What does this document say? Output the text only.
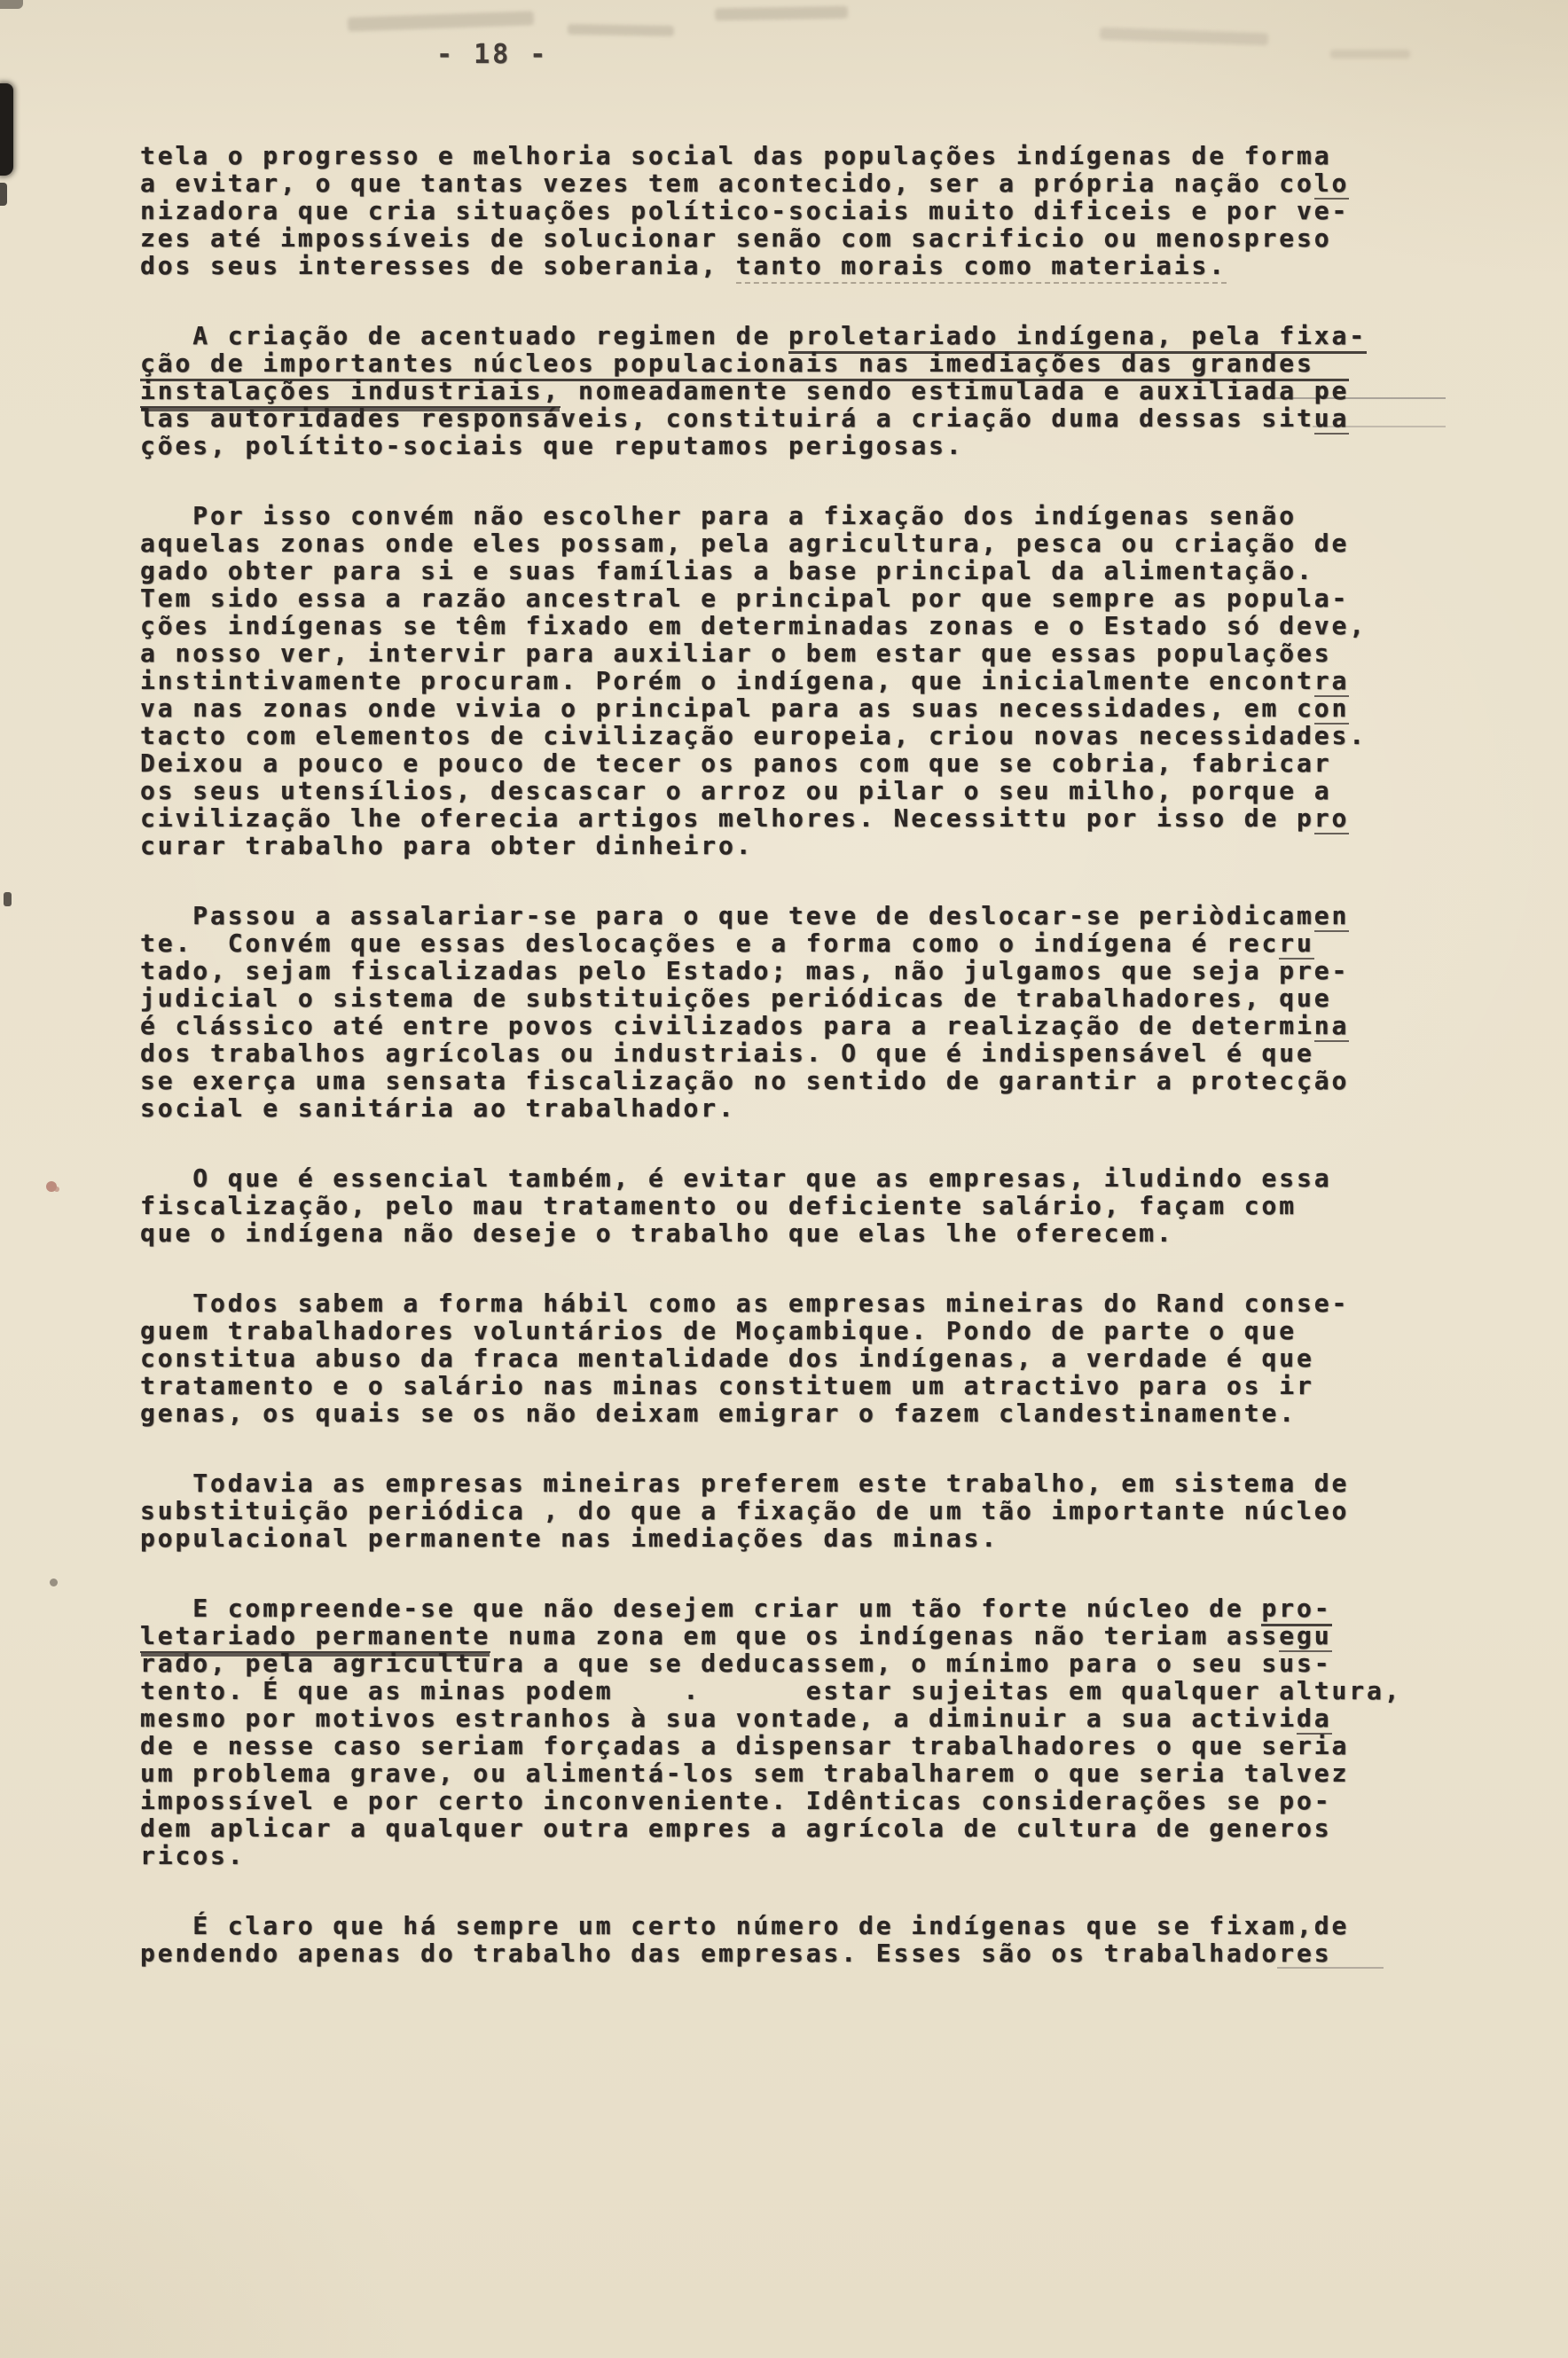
- 18 -
tela o progresso e melhoria social das populações indígenas de forma
a evitar, o que tantas vezes tem acontecido, ser a própria nação colo
nizadora que cria situações político-sociais muito dificeis e por ve-
zes até impossíveis de solucionar senão com sacrificio ou menospreso
dos seus interesses de soberania, tanto morais como materiais.
A criação de acentuado regimen de proletariado indígena, pela fixa-
ção de importantes núcleos populacionais nas imediações das grandes
instalações industriais, nomeadamente sendo estimulada e auxiliada pe
las autoridades responsáveis, constituirá a criação duma dessas situa
ções, polítito-sociais que reputamos perigosas.
Por isso convém não escolher para a fixação dos indígenas senão
aquelas zonas onde eles possam, pela agricultura, pesca ou criação de
gado obter para si e suas famílias a base principal da alimentação.
Tem sido essa a razão ancestral e principal por que sempre as popula-
ções indígenas se têm fixado em determinadas zonas e o Estado só deve,
a nosso ver, intervir para auxiliar o bem estar que essas populações
instintivamente procuram. Porém o indígena, que inicialmente encontra
va nas zonas onde vivia o principal para as suas necessidades, em con
tacto com elementos de civilização europeia, criou novas necessidades.
Deixou a pouco e pouco de tecer os panos com que se cobria, fabricar
os seus utensílios, descascar o arroz ou pilar o seu milho, porque a
civilização lhe oferecia artigos melhores. Necessittu por isso de pro
curar trabalho para obter dinheiro.
Passou a assalariar-se para o que teve de deslocar-se periòdicamen
te.  Convém que essas deslocações e a forma como o indígena é recru
tado, sejam fiscalizadas pelo Estado; mas, não julgamos que seja pre-
judicial o sistema de substituições periódicas de trabalhadores, que
é clássico até entre povos civilizados para a realização de determina
dos trabalhos agrícolas ou industriais. O que é indispensável é que
se exerça uma sensata fiscalização no sentido de garantir a protecção
social e sanitária ao trabalhador.
O que é essencial também, é evitar que as empresas, iludindo essa
fiscalização, pelo mau tratamento ou deficiente salário, façam com
que o indígena não deseje o trabalho que elas lhe oferecem.
Todos sabem a forma hábil como as empresas mineiras do Rand conse-
guem trabalhadores voluntários de Moçambique. Pondo de parte o que
constitua abuso da fraca mentalidade dos indígenas, a verdade é que
tratamento e o salário nas minas constituem um atractivo para os ir
genas, os quais se os não deixam emigrar o fazem clandestinamente.
Todavia as empresas mineiras preferem este trabalho, em sistema de
substituição periódica , do que a fixação de um tão importante núcleo
populacional permanente nas imediações das minas.
E compreende-se que não desejem criar um tão forte núcleo de pro-
letariado permanente numa zona em que os indígenas não teriam assegu
rado, pela agricultura a que se deducassem, o mínimo para o seu sus-
tento. É que as minas podem    .      estar sujeitas em qualquer altura,
mesmo por motivos estranhos à sua vontade, a diminuir a sua activida
de e nesse caso seriam forçadas a dispensar trabalhadores o que seria
um problema grave, ou alimentá-los sem trabalharem o que seria talvez
impossível e por certo inconveniente. Idênticas considerações se po-
dem aplicar a qualquer outra empres a agrícola de cultura de generos
ricos.
É claro que há sempre um certo número de indígenas que se fixam,de
pendendo apenas do trabalho das empresas. Esses são os trabalhadores
